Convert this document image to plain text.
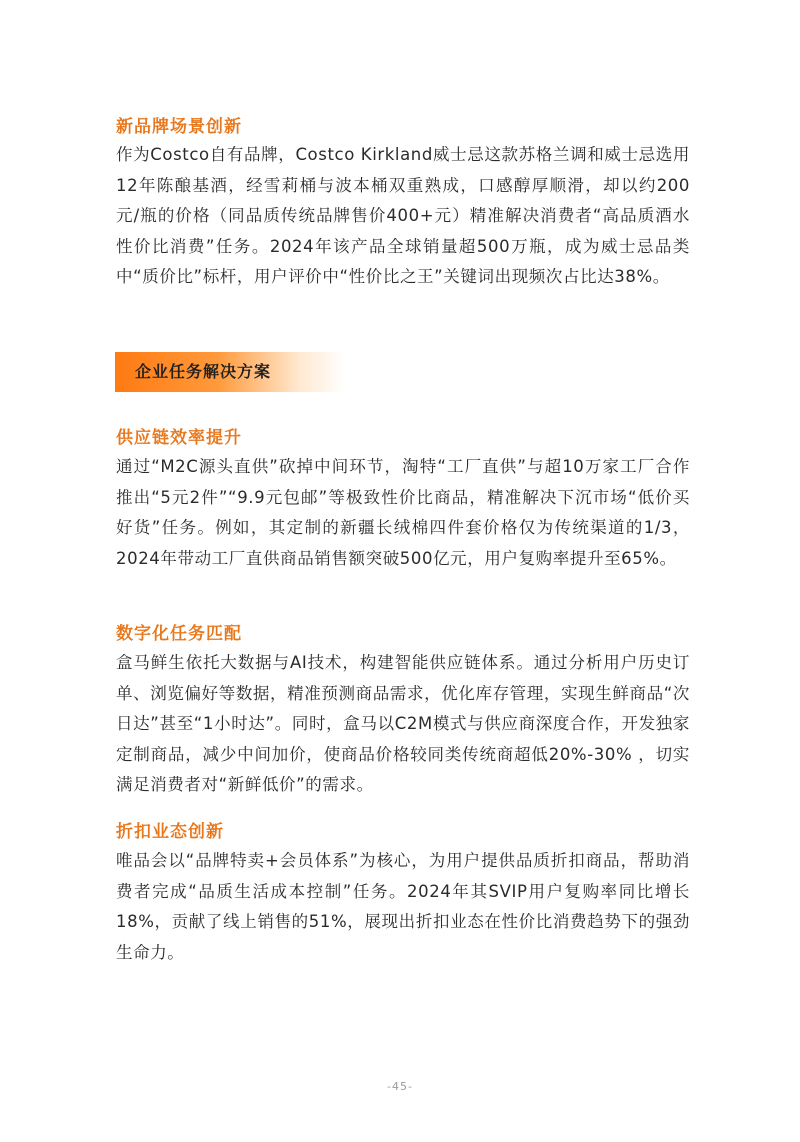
新品牌场景创新

作为Costco自有品牌，Costco Kirkland威士忌这款苏格兰调和威士忌选用12年陈酿基酒，经雪莉桶与波本桶双重熟成，口感醇厚顺滑，却以约200元/瓶的价格（同品质传统品牌售价400+元）精准解决消费者“高品质酒水性价比消费”任务。2024年该产品全球销量超500万瓶，成为威士忌品类中“质价比”标杆，用户评价中“性价比之王”关键词出现频次占比达38%。

企业任务解决方案
供应链效率提升

通过“M2C源头直供”砍掉中间环节，淘特“工厂直供”与超10万家工厂合作推出“5元2件”“9.9元包邮”等极致性价比商品，精准解决下沉市场“低价买好货”任务。例如，其定制的新疆长绒棉四件套价格仅为传统渠道的1/3，2024年带动工厂直供商品销售额突破500亿元，用户复购率提升至65%。

数字化任务匹配

盒马鲜生依托大数据与AI技术，构建智能供应链体系。通过分析用户历史订单、浏览偏好等数据，精准预测商品需求，优化库存管理，实现生鲜商品“次日达”甚至“1小时达”。同时，盒马以C2M模式与供应商深度合作，开发独家定制商品，减少中间加价，使商品价格较同类传统商超低20%-30% ，切实满足消费者对“新鲜低价”的需求。

折扣业态创新

唯品会以“品牌特卖+会员体系”为核心，为用户提供品质折扣商品，帮助消费者完成“品质生活成本控制”任务。2024年其SVIP用户复购率同比增长18%，贡献了线上销售的51%，展现出折扣业态在性价比消费趋势下的强劲生命力。

-45-
